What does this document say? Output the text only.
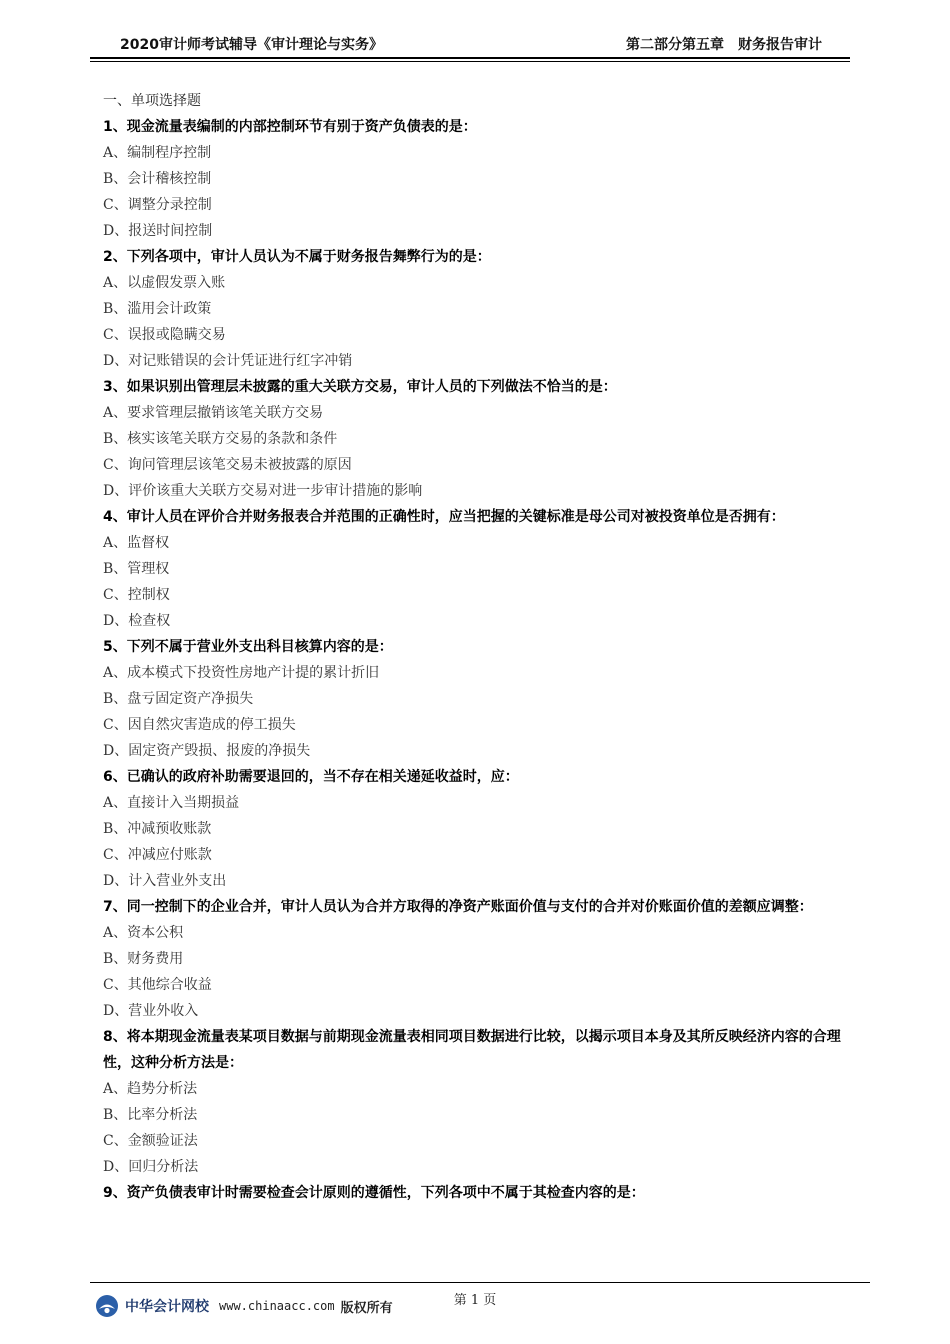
2020审计师考试辅导《审计理论与实务》	第二部分第五章　财务报告审计
一、单项选择题
1、现金流量表编制的内部控制环节有别于资产负债表的是：
A、编制程序控制
B、会计稽核控制
C、调整分录控制
D、报送时间控制
2、下列各项中，审计人员认为不属于财务报告舞弊行为的是：
A、以虚假发票入账
B、滥用会计政策
C、误报或隐瞒交易
D、对记账错误的会计凭证进行红字冲销
3、如果识别出管理层未披露的重大关联方交易，审计人员的下列做法不恰当的是：
A、要求管理层撤销该笔关联方交易
B、核实该笔关联方交易的条款和条件
C、询问管理层该笔交易未被披露的原因
D、评价该重大关联方交易对进一步审计措施的影响
4、审计人员在评价合并财务报表合并范围的正确性时，应当把握的关键标准是母公司对被投资单位是否拥有：
A、监督权
B、管理权
C、控制权
D、检查权
5、下列不属于营业外支出科目核算内容的是：
A、成本模式下投资性房地产计提的累计折旧
B、盘亏固定资产净损失
C、因自然灾害造成的停工损失
D、固定资产毁损、报废的净损失
6、已确认的政府补助需要退回的，当不存在相关递延收益时，应：
A、直接计入当期损益
B、冲减预收账款
C、冲减应付账款
D、计入营业外支出
7、同一控制下的企业合并，审计人员认为合并方取得的净资产账面价值与支付的合并对价账面价值的差额应调整：
A、资本公积
B、财务费用
C、其他综合收益
D、营业外收入
8、将本期现金流量表某项目数据与前期现金流量表相同项目数据进行比较，以揭示项目本身及其所反映经济内容的合理性，这种分析方法是：
A、趋势分析法
B、比率分析法
C、金额验证法
D、回归分析法
9、资产负债表审计时需要检查会计原则的遵循性，下列各项中不属于其检查内容的是：
第 1 页
中华会计网校 www.chinaacc.com 版权所有
